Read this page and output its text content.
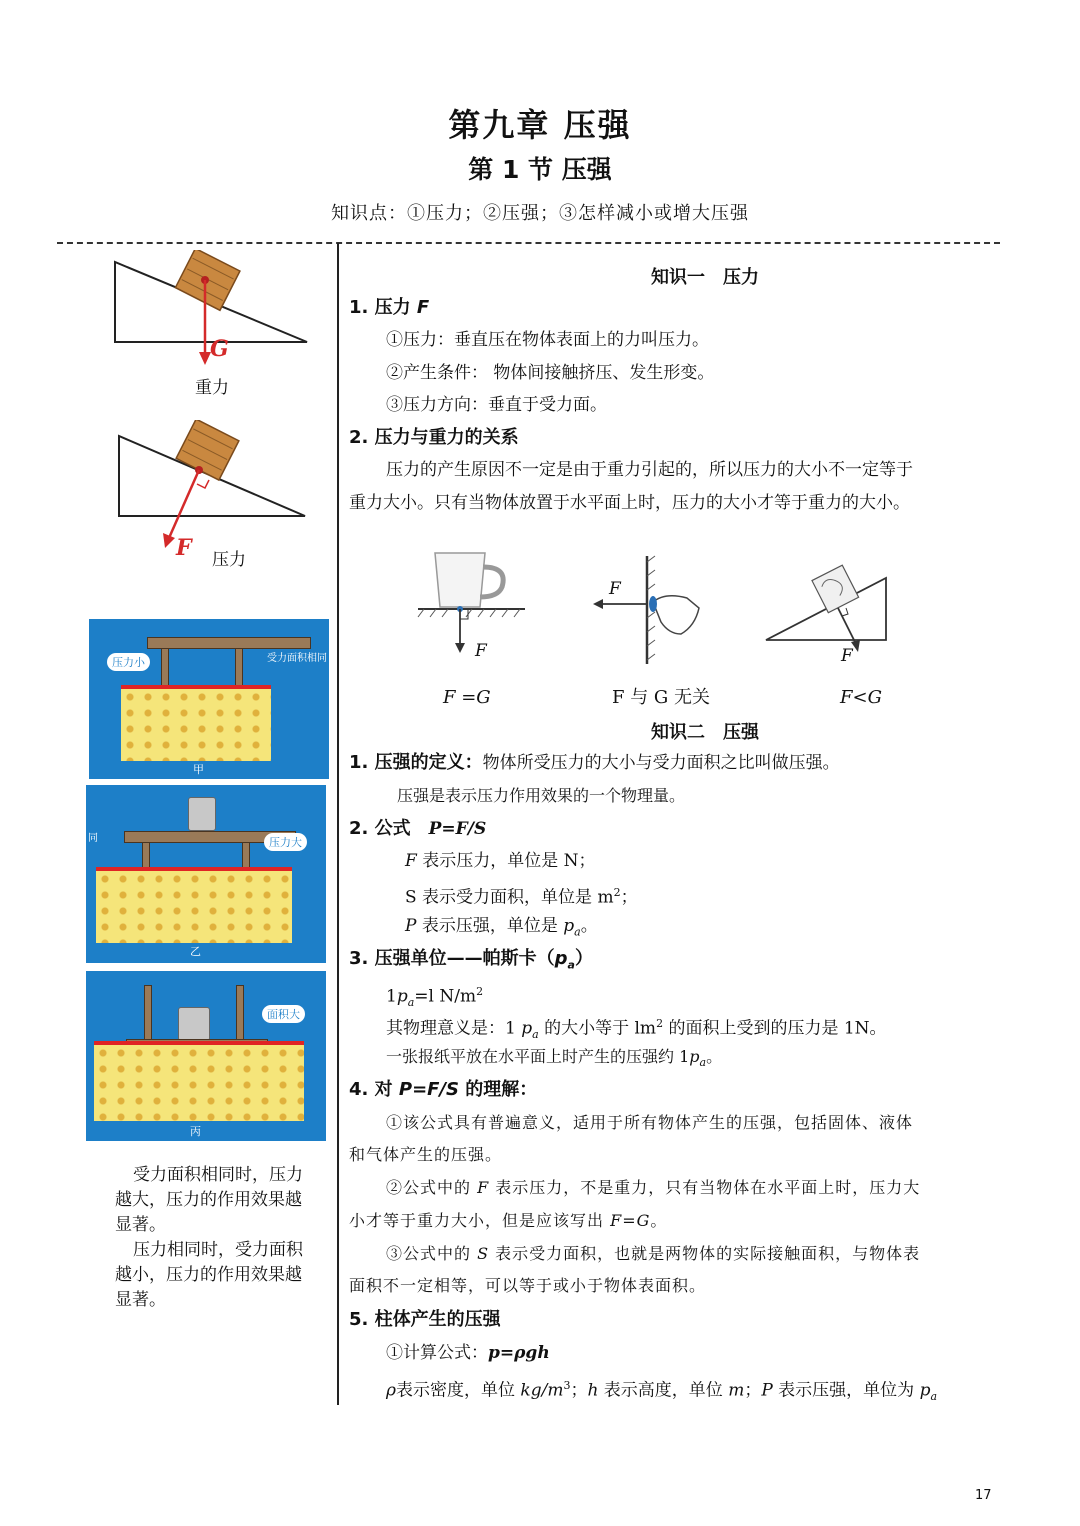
第九章 压强
第 1 节 压强
知识点：①压力；②压强；③怎样减小或增大压强
G
重力
F 压力
压力小	受力面积相同
甲
压力大
同
乙
面积大
丙
受力面积相同时，压力
越大，压力的作用效果越
显著。
压力相同时，受力面积
越小，压力的作用效果越
显著。
知识一　压力
1. 压力 F
①压力：垂直压在物体表面上的力叫压力。
②产生条件： 物体间接触挤压、发生形变。
③压力方向：垂直于受力面。
2. 压力与重力的关系
压力的产生原因不一定是由于重力引起的，所以压力的大小不一定等于
重力大小。只有当物体放置于水平面上时，压力的大小才等于重力的大小。
F
F
F
F =G	F 与 G 无关	F<G
知识二　压强
1. 压强的定义：物体所受压力的大小与受力面积之比叫做压强。
压强是表示压力作用效果的一个物理量。
2. 公式　P=F/S
F 表示压力，单位是 N；
S 表示受力面积，单位是 $m^2$；
P 表示压强，单位是 $p_a$。
3. 压强单位——帕斯卡$(p_a)$
$1p_a=l$ $N/m^2$
其物理意义是：1 $p_a$ 的大小等于 $lm^2$ 的面积上受到的压力是 1N。
一张报纸平放在水平面上时产生的压强约 $1p_a$。
4. 对 P=F/S 的理解：
①该公式具有普遍意义，适用于所有物体产生的压强，包括固体、液体
和气体产生的压强。
②公式中的 F 表示压力，不是重力，只有当物体在水平面上时，压力大
小才等于重力大小，但是应该写出 F=G。
③公式中的 S 表示受力面积，也就是两物体的实际接触面积，与物体表
面积不一定相等，可以等于或小于物体表面积。
5. 柱体产生的压强
①计算公式：p=ρgh
ρ表示密度，单位 $kg/m^3$；h 表示高度，单位 m；P 表示压强，单位为 $p_a$
17
